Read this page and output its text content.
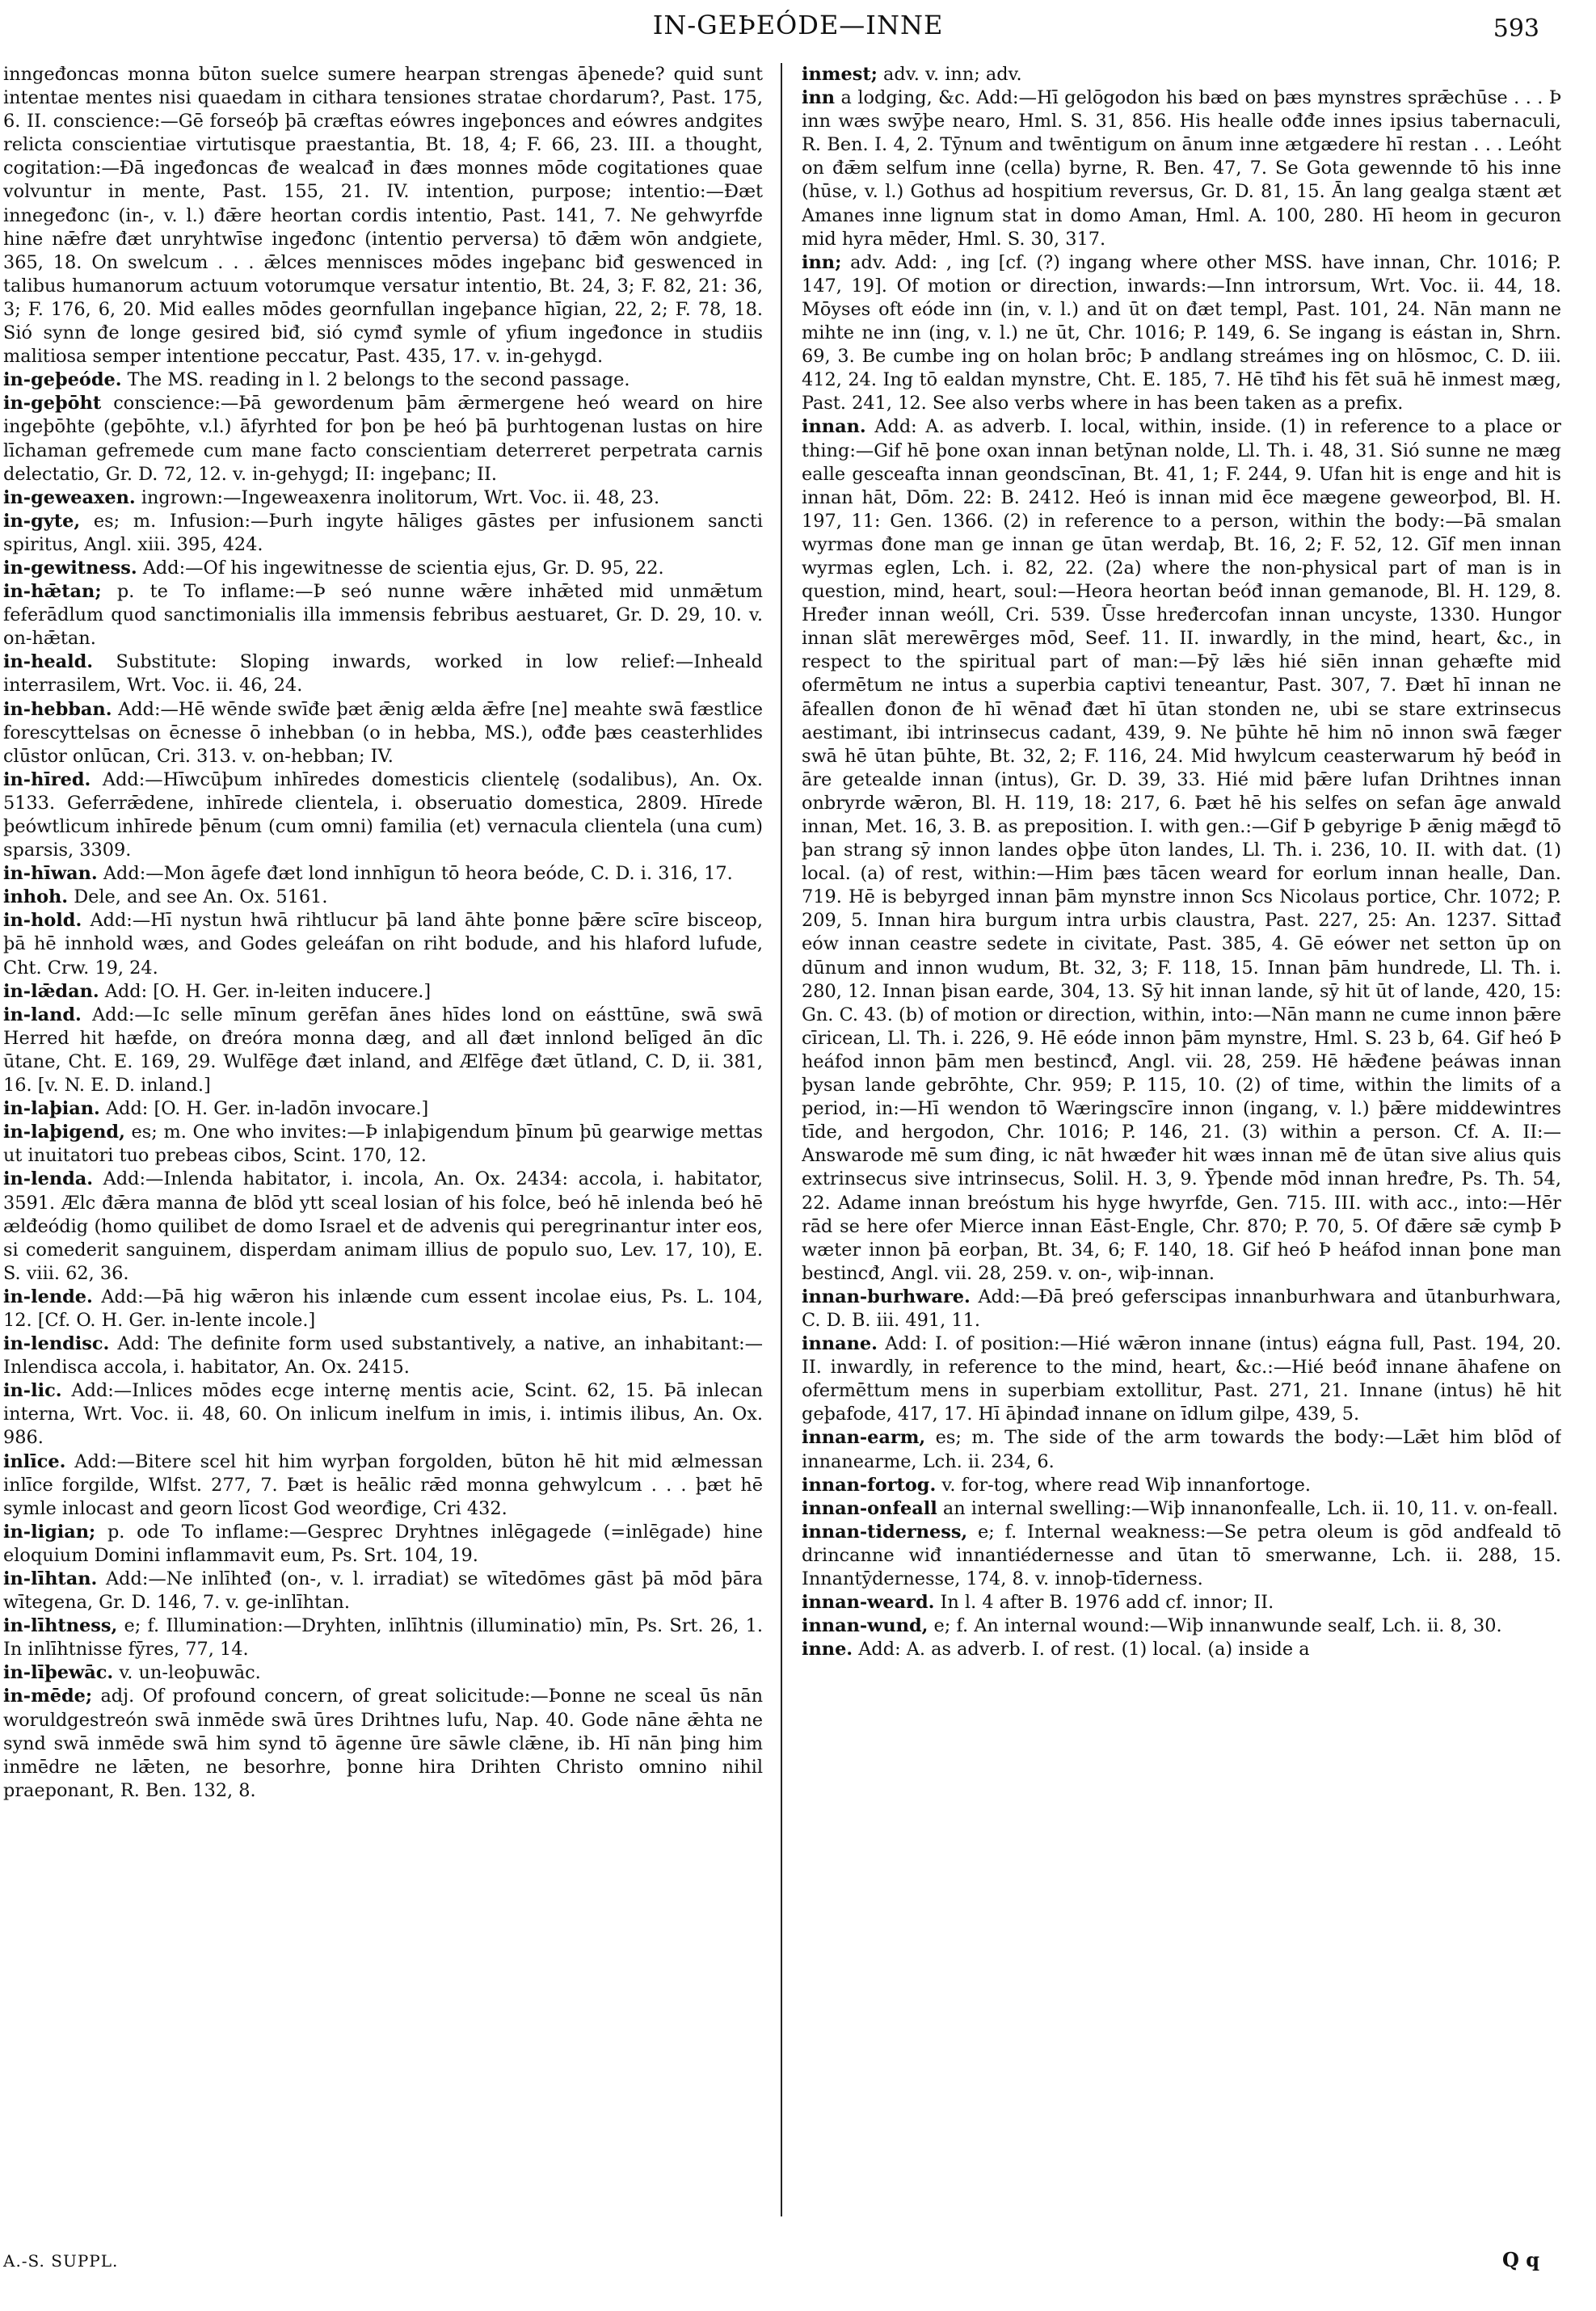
IN-GEÞEÓDE—INNE	593

inngeđoncas monna būton suelce sumere hearpan strengas āþenede? quid sunt intentae mentes nisi quaedam in cithara tensiones stratae chordarum?, Past. 175, 6. II. conscience:—Gē forseóþ þā cræftas eówres ingeþonces and eówres andgites relicta conscientiae virtutisque praestantia, Bt. 18, 4; F. 66, 23. III. a thought, cogitation:—Đā ingeđoncas đe wealcađ in đæs monnes mōde cogitationes quae volvuntur in mente, Past. 155, 21. IV. intention, purpose; intentio:—Đæt innegeđonc (in-, v. l.) đǣre heortan cordis intentio, Past. 141, 7. Ne gehwyrfde hine nǣfre đæt unryhtwīse ingeđonc (intentio perversa) tō đǣm wōn andgiete, 365, 18. On swelcum . . . ǣlces mennisces mōdes ingeþanc biđ geswenced in talibus humanorum actuum votorumque versatur intentio, Bt. 24, 3; F. 82, 21: 36, 3; F. 176, 6, 20. Mid ealles mōdes geornfullan ingeþance hīgian, 22, 2; F. 78, 18. Sió synn đe longe gesired biđ, sió cymđ symle of yfium ingeđonce in studiis malitiosa semper intentione peccatur, Past. 435, 17. v. in-gehygd.

in-geþeóde. The MS. reading in l. 2 belongs to the second passage.

in-geþōht conscience:—Þā gewordenum þām ǣrmergene heó weard on hire ingeþōhte (geþōhte, v.l.) āfyrhted for þon þe heó þā þurhtogenan lustas on hire līchaman gefremede cum mane facto conscientiam deterreret perpetrata carnis delectatio, Gr. D. 72, 12. v. in-gehygd; II: ingeþanc; II.

in-geweaxen. ingrown:—Ingeweaxenra inolitorum, Wrt. Voc. ii. 48, 23.

in-gyte, es; m. Infusion:—Þurh ingyte hāliges gāstes per infusionem sancti spiritus, Angl. xiii. 395, 424.

in-gewitness. Add:—Of his ingewitnesse de scientia ejus, Gr. D. 95, 22.

in-hǣtan; p. te To inflame:—Þ seó nunne wǣre inhǣted mid unmǣtum feferādlum quod sanctimonialis illa immensis febribus aestuaret, Gr. D. 29, 10. v. on-hǣtan.

in-heald. Substitute: Sloping inwards, worked in low relief:—Inheald interrasilem, Wrt. Voc. ii. 46, 24.

in-hebban. Add:—Hē wēnde swīđe þæt ǣnig ælda ǣfre [ne] meahte swā fæstlice forescyttelsas on ēcnesse ō inhebban (o in hebba, MS.), ođđe þæs ceasterhlides clūstor onlūcan, Cri. 313. v. on-hebban; IV.

in-hīred. Add:—Hīwcūþum inhīredes domesticis clientelę (sodalibus), An. Ox. 5133. Geferrǣdene, inhīrede clientela, i. obseruatio domestica, 2809. Hīrede þeówtlicum inhīrede þēnum (cum omni) familia (et) vernacula clientela (una cum) sparsis, 3309.

in-hīwan. Add:—Mon āgefe đæt lond innhīgun tō heora beóde, C. D. i. 316, 17.

inhoh. Dele, and see An. Ox. 5161.

in-hold. Add:—Hī nystun hwā rihtlucur þā land āhte þonne þǣre scīre bisceop, þā hē innhold wæs, and Godes geleáfan on riht bodude, and his hlaford lufude, Cht. Crw. 19, 24.

in-lǣdan. Add: [O. H. Ger. in-leiten inducere.]

in-land. Add:—Ic selle mīnum gerēfan ānes hīdes lond on eásttūne, swā swā Herred hit hæfde, on đreóra monna dæg, and all đæt innlond belīged ān dīc ūtane, Cht. E. 169, 29. Wulfēge đæt inland, and Ælfēge đæt ūtland, C. D, ii. 381, 16. [v. N. E. D. inland.]

in-laþian. Add: [O. H. Ger. in-ladōn invocare.]

in-laþigend, es; m. One who invites:—Þ inlaþigendum þīnum þū gearwige mettas ut inuitatori tuo prebeas cibos, Scint. 170, 12.

in-lenda. Add:—Inlenda habitator, i. incola, An. Ox. 2434: accola, i. habitator, 3591. Ælc đǣra manna đe blōd ytt sceal losian of his folce, beó hē inlenda beó hē ælđeódig (homo quilibet de domo Israel et de advenis qui peregrinantur inter eos, si comederit sanguinem, disperdam animam illius de populo suo, Lev. 17, 10), E. S. viii. 62, 36.

in-lende. Add:—Þā hig wǣron his inlænde cum essent incolae eius, Ps. L. 104, 12. [Cf. O. H. Ger. in-lente incole.]

in-lendisc. Add: The definite form used substantively, a native, an inhabitant:—Inlendisca accola, i. habitator, An. Ox. 2415.

in-lic. Add:—Inlices mōdes ecge internę mentis acie, Scint. 62, 15. Þā inlecan interna, Wrt. Voc. ii. 48, 60. On inlicum inelfum in imis, i. intimis ilibus, An. Ox. 986.

inlīce. Add:—Bitere scel hit him wyrþan forgolden, būton hē hit mid ælmessan inlīce forgilde, Wlfst. 277, 7. Þæt is heālic rǣd monna gehwylcum . . . þæt hē symle inlocast and georn līcost God weorđige, Cri 432.

in-ligian; p. ode To inflame:—Gesprec Dryhtnes inlēgagede (=inlēgade) hine eloquium Domini inflammavit eum, Ps. Srt. 104, 19.

in-līhtan. Add:—Ne inlīhteđ (on-, v. l. irradiat) se wītedōmes gāst þā mōd þāra wītegena, Gr. D. 146, 7. v. ge-inlīhtan.

in-līhtness, e; f. Illumination:—Dryhten, inlīhtnis (illuminatio) mīn, Ps. Srt. 26, 1. In inlīhtnisse fȳres, 77, 14.

in-līþewāc. v. un-leoþuwāc.

in-mēde; adj. Of profound concern, of great solicitude:—Þonne ne sceal ūs nān woruldgestreón swā inmēde swā ūres Drihtnes lufu, Nap. 40. Gode nāne ǣhta ne synd swā inmēde swā him synd tō āgenne ūre sāwle clǣne, ib. Hī nān þing him inmēdre ne lǣten, ne besorhre, þonne hira Drihten Christo omnino nihil praeponant, R. Ben. 132, 8.

inmest; adv. v. inn; adv.

inn a lodging, &c. Add:—Hī gelōgodon his bæd on þæs mynstres sprǣchūse . . . Þ inn wæs swȳþe nearo, Hml. S. 31, 856. His healle ođđe innes ipsius tabernaculi, R. Ben. I. 4, 2. Tȳnum and twēntigum on ānum inne ætgædere hī restan . . . Leóht on đǣm selfum inne (cella) byrne, R. Ben. 47, 7. Se Gota gewennde tō his inne (hūse, v. l.) Gothus ad hospitium reversus, Gr. D. 81, 15. Ān lang gealga stænt æt Amanes inne lignum stat in domo Aman, Hml. A. 100, 280. Hī heom in gecuron mid hyra mēder, Hml. S. 30, 317.

inn; adv. Add: , ing [cf. (?) ingang where other MSS. have innan, Chr. 1016; P. 147, 19]. Of motion or direction, inwards:—Inn introrsum, Wrt. Voc. ii. 44, 18. Mōyses oft eóde inn (in, v. l.) and ūt on đæt templ, Past. 101, 24. Nān mann ne mihte ne inn (ing, v. l.) ne ūt, Chr. 1016; P. 149, 6. Se ingang is eástan in, Shrn. 69, 3. Be cumbe ing on holan brōc; Þ andlang streámes ing on hlōsmoc, C. D. iii. 412, 24. Ing tō ealdan mynstre, Cht. E. 185, 7. Hē tīhđ his fēt suā hē inmest mæg, Past. 241, 12. See also verbs where in has been taken as a prefix.

innan. Add: A. as adverb. I. local, within, inside. (1) in reference to a place or thing:—Gif hē þone oxan innan betȳnan nolde, Ll. Th. i. 48, 31. Sió sunne ne mæg ealle gesceafta innan geondscīnan, Bt. 41, 1; F. 244, 9. Ufan hit is enge and hit is innan hāt, Dōm. 22: B. 2412. Heó is innan mid ēce mægene geweorþod, Bl. H. 197, 11: Gen. 1366. (2) in reference to a person, within the body:—Þā smalan wyrmas đone man ge innan ge ūtan werdaþ, Bt. 16, 2; F. 52, 12. Gīf men innan wyrmas eglen, Lch. i. 82, 22. (2a) where the non-physical part of man is in question, mind, heart, soul:—Heora heortan beóđ innan gemanode, Bl. H. 129, 8. Hređer innan weóll, Cri. 539. Ūsse hređercofan innan uncyste, 1330. Hungor innan slāt merewērges mōd, Seef. 11. II. inwardly, in the mind, heart, &c., in respect to the spiritual part of man:—Þȳ lǣs hié siēn innan gehæfte mid ofermētum ne intus a superbia captivi teneantur, Past. 307, 7. Đæt hī innan ne āfeallen đonon đe hī wēnađ đæt hī ūtan stonden ne, ubi se stare extrinsecus aestimant, ibi intrinsecus cadant, 439, 9. Ne þūhte hē him nō innon swā fæger swā hē ūtan þūhte, Bt. 32, 2; F. 116, 24. Mid hwylcum ceasterwarum hȳ beóđ in āre getealde innan (intus), Gr. D. 39, 33. Hié mid þǣre lufan Drihtnes innan onbryrde wǣron, Bl. H. 119, 18: 217, 6. Þæt hē his selfes on sefan āge anwald innan, Met. 16, 3. B. as preposition. I. with gen.:—Gif Þ gebyrige Þ ǣnig mǣgđ tō þan strang sȳ innon landes oþþe ūton landes, Ll. Th. i. 236, 10. II. with dat. (1) local. (a) of rest, within:—Him þæs tācen weard for eorlum innan healle, Dan. 719. Hē is bebyrged innan þām mynstre innon Scs Nicolaus portice, Chr. 1072; P. 209, 5. Innan hira burgum intra urbis claustra, Past. 227, 25: An. 1237. Sittađ eów innan ceastre sedete in civitate, Past. 385, 4. Gē eówer net setton ūp on dūnum and innon wudum, Bt. 32, 3; F. 118, 15. Innan þām hundrede, Ll. Th. i. 280, 12. Innan þisan earde, 304, 13. Sȳ hit innan lande, sȳ hit ūt of lande, 420, 15: Gn. C. 43. (b) of motion or direction, within, into:—Nān mann ne cume innon þǣre cīricean, Ll. Th. i. 226, 9. Hē eóde innon þām mynstre, Hml. S. 23 b, 64. Gif heó Þ heáfod innon þām men bestincđ, Angl. vii. 28, 259. Hē hǣđene þeáwas innan þysan lande gebrōhte, Chr. 959; P. 115, 10. (2) of time, within the limits of a period, in:—Hī wendon tō Wæringscīre innon (ingang, v. l.) þǣre middewintres tīde, and hergodon, Chr. 1016; P. 146, 21. (3) within a person. Cf. A. II:—Answarode mē sum đing, ic nāt hwæđer hit wæs innan mē đe ūtan sive alius quis extrinsecus sive intrinsecus, Solil. H. 3, 9. Ȳþende mōd innan hređre, Ps. Th. 54, 22. Adame innan breóstum his hyge hwyrfde, Gen. 715. III. with acc., into:—Hēr rād se here ofer Mierce innan Eāst-Engle, Chr. 870; P. 70, 5. Of đǣre sǣ cymþ Þ wæter innon þā eorþan, Bt. 34, 6; F. 140, 18. Gif heó Þ heáfod innan þone man bestincđ, Angl. vii. 28, 259. v. on-, wiþ-innan.

innan-burhware. Add:—Đā þreó geferscipas innanburhwara and ūtanburhwara, C. D. B. iii. 491, 11.

innane. Add: I. of position:—Hié wǣron innane (intus) eágna full, Past. 194, 20. II. inwardly, in reference to the mind, heart, &c.:—Hié beóđ innane āhafene on ofermēttum mens in superbiam extollitur, Past. 271, 21. Innane (intus) hē hit geþafode, 417, 17. Hī āþindađ innane on īdlum gilpe, 439, 5.

innan-earm, es; m. The side of the arm towards the body:—Lǣt him blōd of innanearme, Lch. ii. 234, 6.

innan-fortog. v. for-tog, where read Wiþ innanfortoge.

innan-onfeall an internal swelling:—Wiþ innanonfealle, Lch. ii. 10, 11. v. on-feall.

innan-tiderness, e; f. Internal weakness:—Se petra oleum is gōd andfeald tō drincanne wiđ innantiédernesse and ūtan tō smerwanne, Lch. ii. 288, 15. Innantȳdernesse, 174, 8. v. innoþ-tīderness.

innan-weard. In l. 4 after B. 1976 add cf. innor; II.

innan-wund, e; f. An internal wound:—Wiþ innanwunde sealf, Lch. ii. 8, 30.

inne. Add: A. as adverb. I. of rest. (1) local. (a) inside a

A.-S. SUPPL.	Q q
